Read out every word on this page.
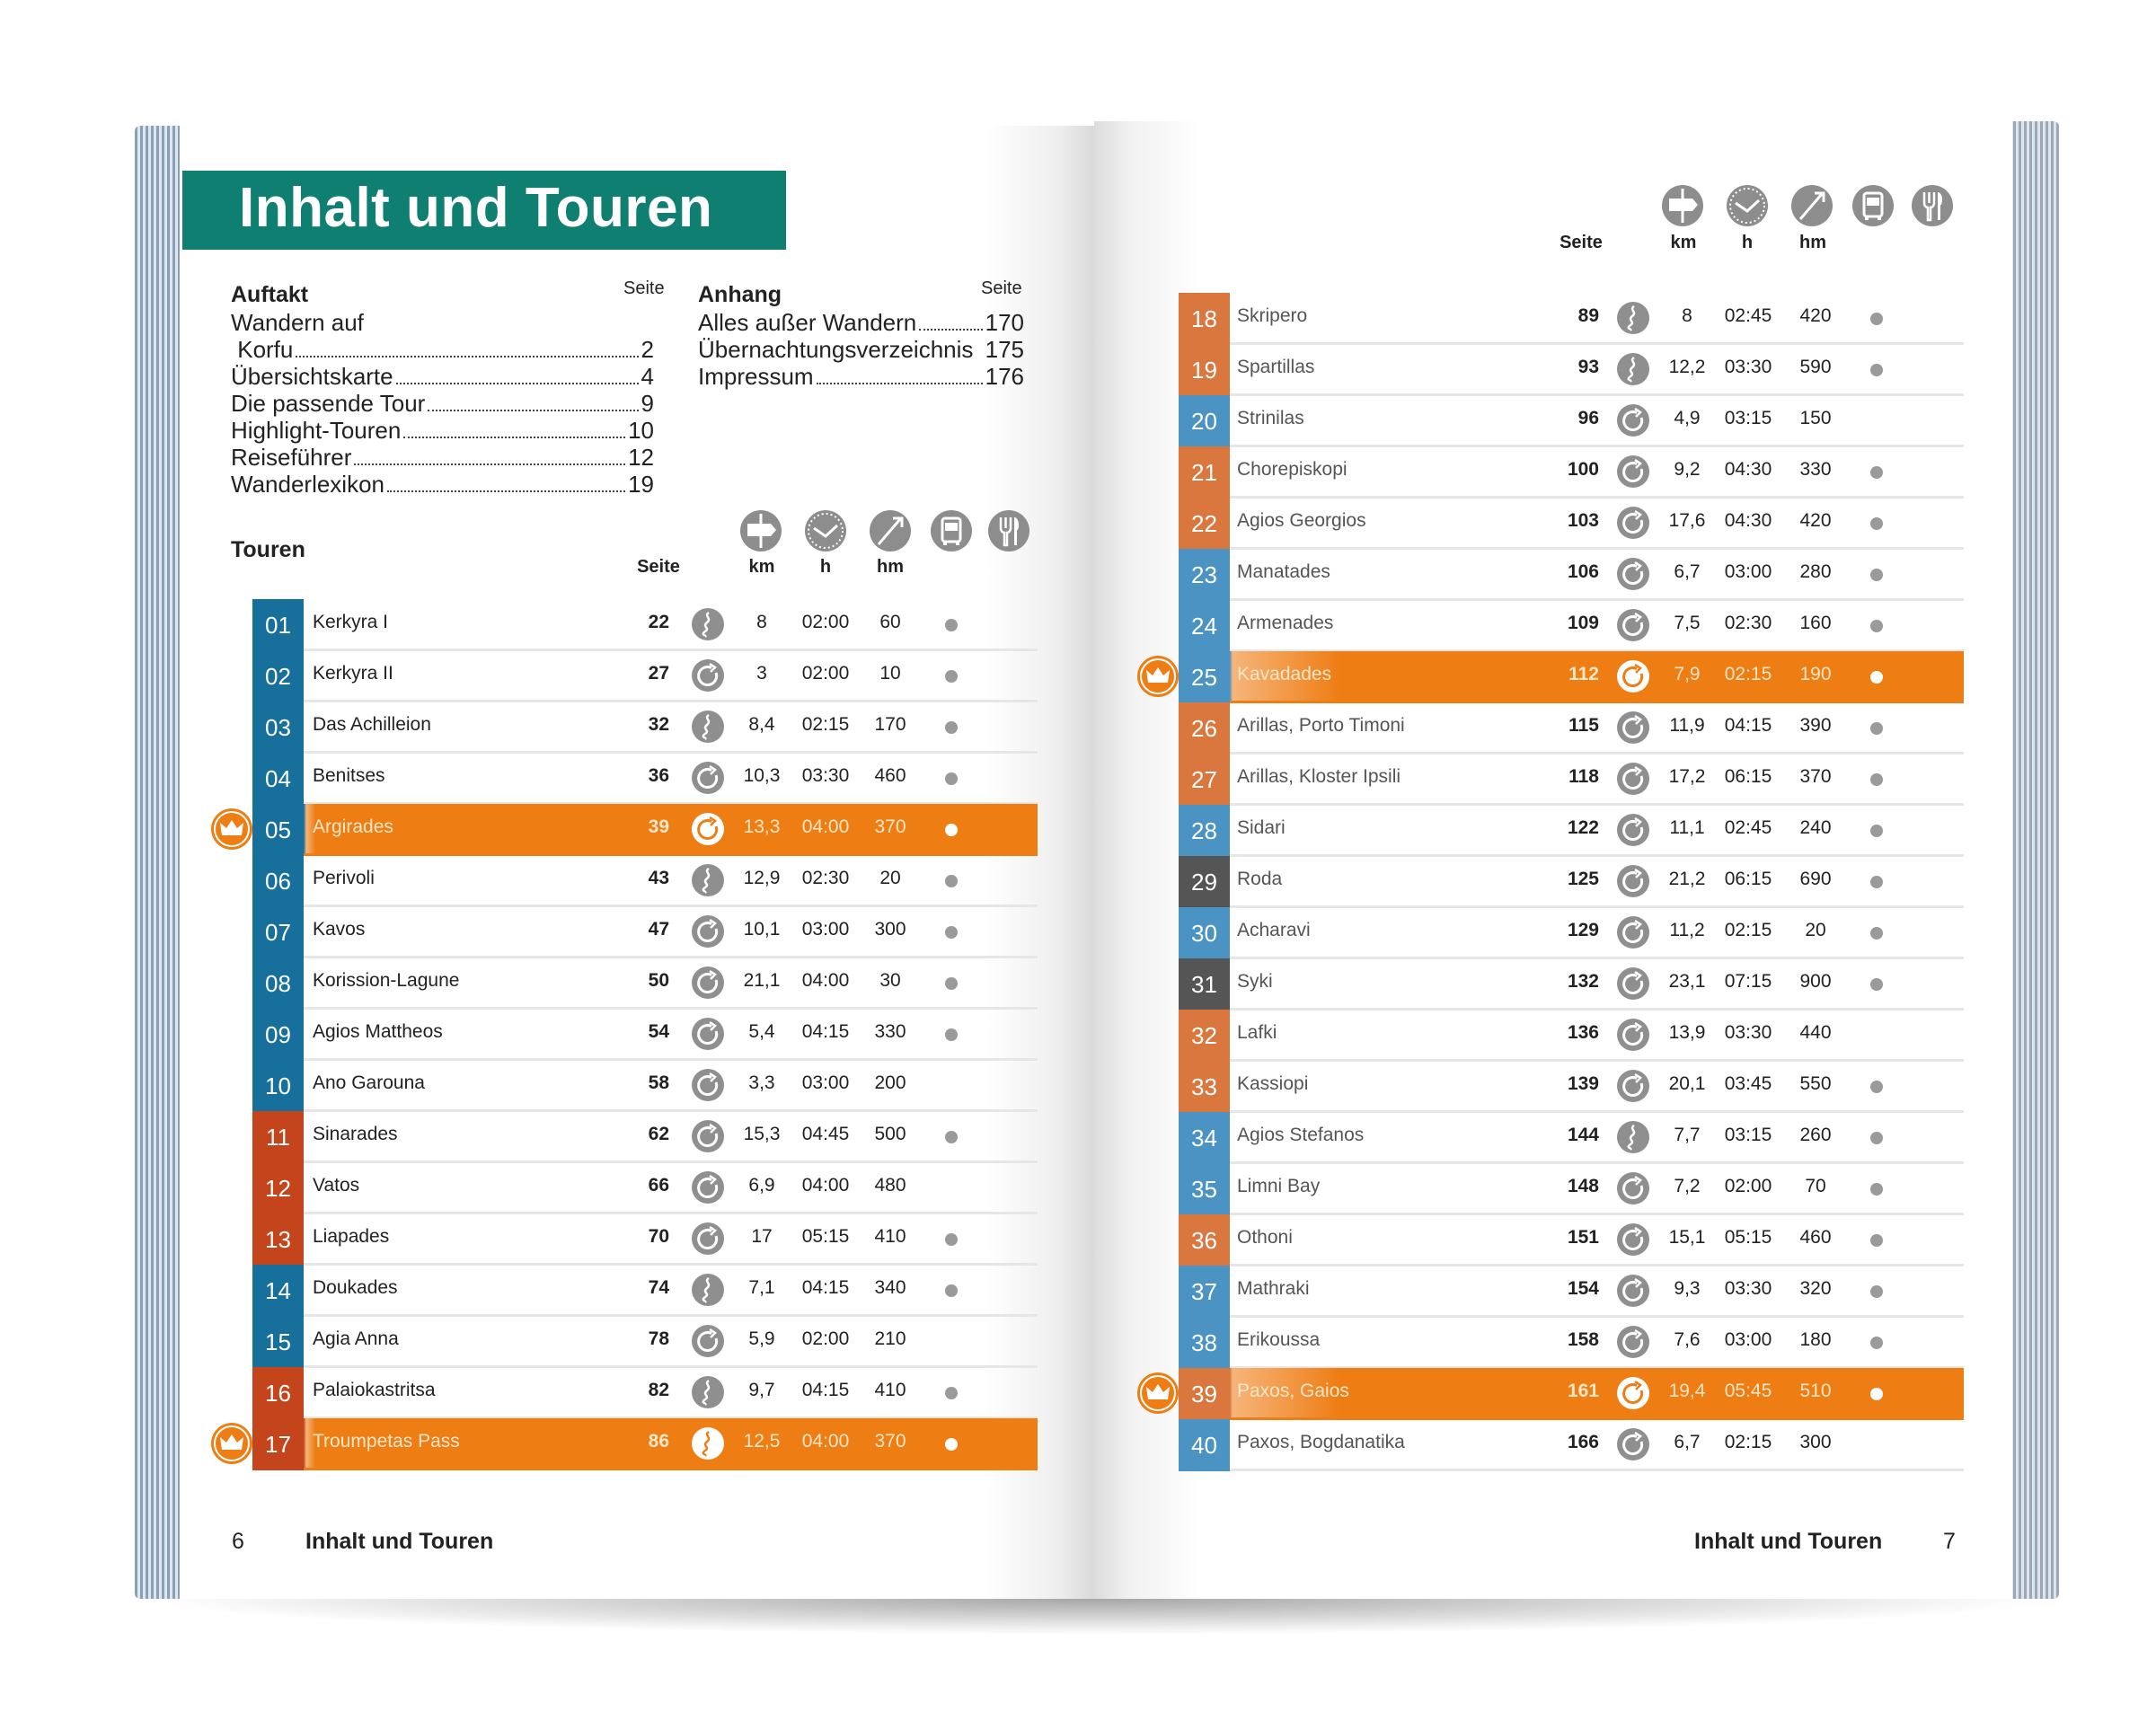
Inhalt und Touren
Auftakt	Seite
Wandern auf
Korfu	2
Übersichtskarte	4
Die passende Tour	9
Highlight-Touren	10
Reiseführer	12
Wanderlexikon	19
Anhang	Seite
Alles außer Wandern	170
Übernachtungsverzeichnis 175
Impressum	176
Touren
Seite	km	h	hm
Seite	km	h	hm
01	Kerkyra I	22	8	02:00	60
02	Kerkyra II	27	3	02:00	10
03	Das Achilleion	32	8,4	02:15	170
04	Benitses	36	10,3	03:30	460
05	Argirades	39	13,3	04:00	370
06	Perivoli	43	12,9	02:30	20
07	Kavos	47	10,1	03:00	300
08	Korission-Lagune	50	21,1	04:00	30
09	Agios Mattheos	54	5,4	04:15	330
10	Ano Garouna	58	3,3	03:00	200
11	Sinarades	62	15,3	04:45	500
12	Vatos	66	6,9	04:00	480
13	Liapades	70	17	05:15	410
14	Doukades	74	7,1	04:15	340
15	Agia Anna	78	5,9	02:00	210
16	Palaiokastritsa	82	9,7	04:15	410
17	Troumpetas Pass	86	12,5	04:00	370
18	Skripero	89	8	02:45	420
19	Spartillas	93	12,2	03:30	590
20	Strinilas	96	4,9	03:15	150
21	Chorepiskopi	100	9,2	04:30	330
22	Agios Georgios	103	17,6	04:30	420
23	Manatades	106	6,7	03:00	280
24	Armenades	109	7,5	02:30	160
25	Kavadades	112	7,9	02:15	190
26	Arillas, Porto Timoni	115	11,9	04:15	390
27	Arillas, Kloster Ipsili	118	17,2	06:15	370
28	Sidari	122	11,1	02:45	240
29	Roda	125	21,2	06:15	690
30	Acharavi	129	11,2	02:15	20
31	Syki	132	23,1	07:15	900
32	Lafki	136	13,9	03:30	440
33	Kassiopi	139	20,1	03:45	550
34	Agios Stefanos	144	7,7	03:15	260
35	Limni Bay	148	7,2	02:00	70
36	Othoni	151	15,1	05:15	460
37	Mathraki	154	9,3	03:30	320
38	Erikoussa	158	7,6	03:00	180
39	Paxos, Gaios	161	19,4	05:45	510
40	Paxos, Bogdanatika	166	6,7	02:15	300
6	Inhalt und Touren	Inhalt und Touren	7
